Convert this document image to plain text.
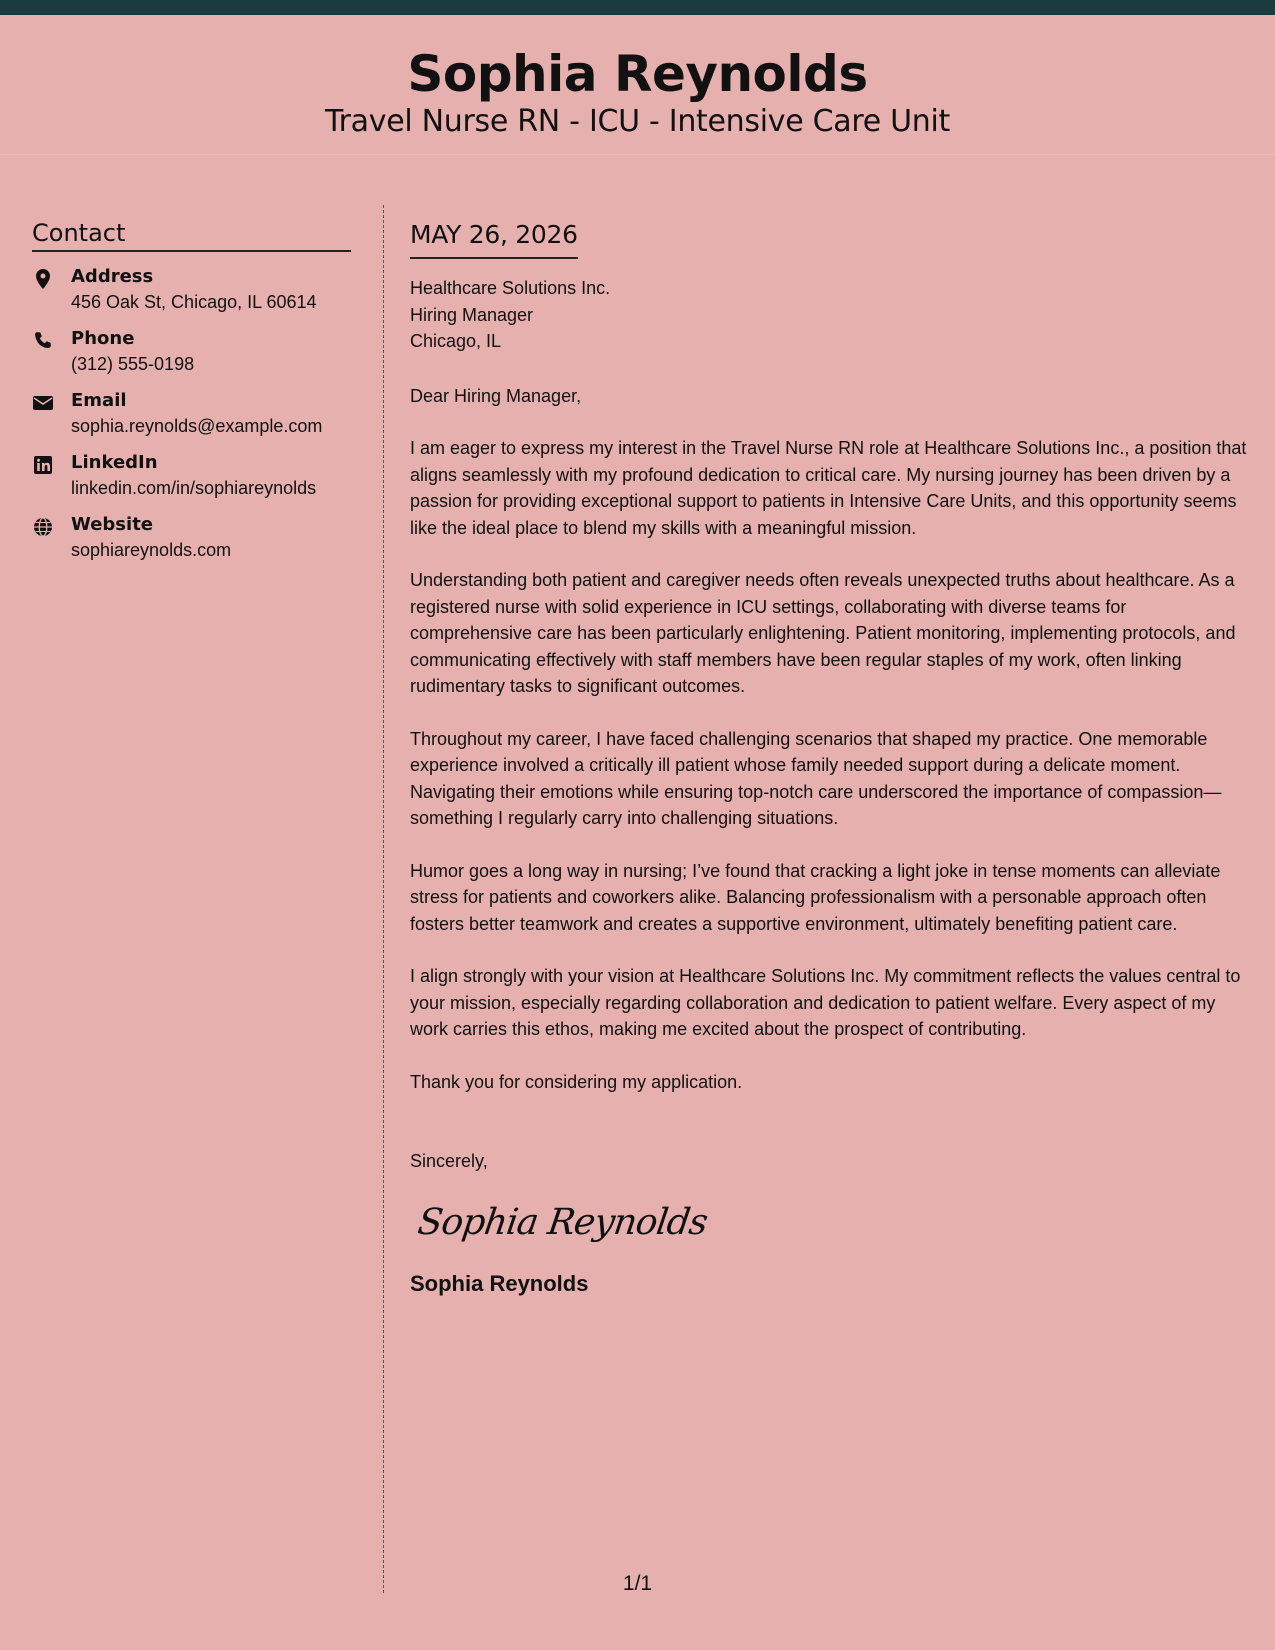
Sophia Reynolds
Travel Nurse RN - ICU - Intensive Care Unit
Contact
Address
456 Oak St, Chicago, IL 60614
Phone
(312) 555-0198
Email
sophia.reynolds@example.com
LinkedIn
linkedin.com/in/sophiareynolds
Website
sophiareynolds.com
MAY 26, 2026
Healthcare Solutions Inc.
Hiring Manager
Chicago, IL
Dear Hiring Manager,
I am eager to express my interest in the Travel Nurse RN role at Healthcare Solutions Inc., a position that aligns seamlessly with my profound dedication to critical care. My nursing journey has been driven by a passion for providing exceptional support to patients in Intensive Care Units, and this opportunity seems like the ideal place to blend my skills with a meaningful mission.
Understanding both patient and caregiver needs often reveals unexpected truths about healthcare. As a registered nurse with solid experience in ICU settings, collaborating with diverse teams for comprehensive care has been particularly enlightening. Patient monitoring, implementing protocols, and communicating effectively with staff members have been regular staples of my work, often linking rudimentary tasks to significant outcomes.
Throughout my career, I have faced challenging scenarios that shaped my practice. One memorable experience involved a critically ill patient whose family needed support during a delicate moment. Navigating their emotions while ensuring top-notch care underscored the importance of compassion—something I regularly carry into challenging situations.
Humor goes a long way in nursing; I’ve found that cracking a light joke in tense moments can alleviate stress for patients and coworkers alike. Balancing professionalism with a personable approach often fosters better teamwork and creates a supportive environment, ultimately benefiting patient care.
I align strongly with your vision at Healthcare Solutions Inc. My commitment reflects the values central to your mission, especially regarding collaboration and dedication to patient welfare. Every aspect of my work carries this ethos, making me excited about the prospect of contributing.
Thank you for considering my application.
Sincerely,
Sophia Reynolds
Sophia Reynolds
1/1
